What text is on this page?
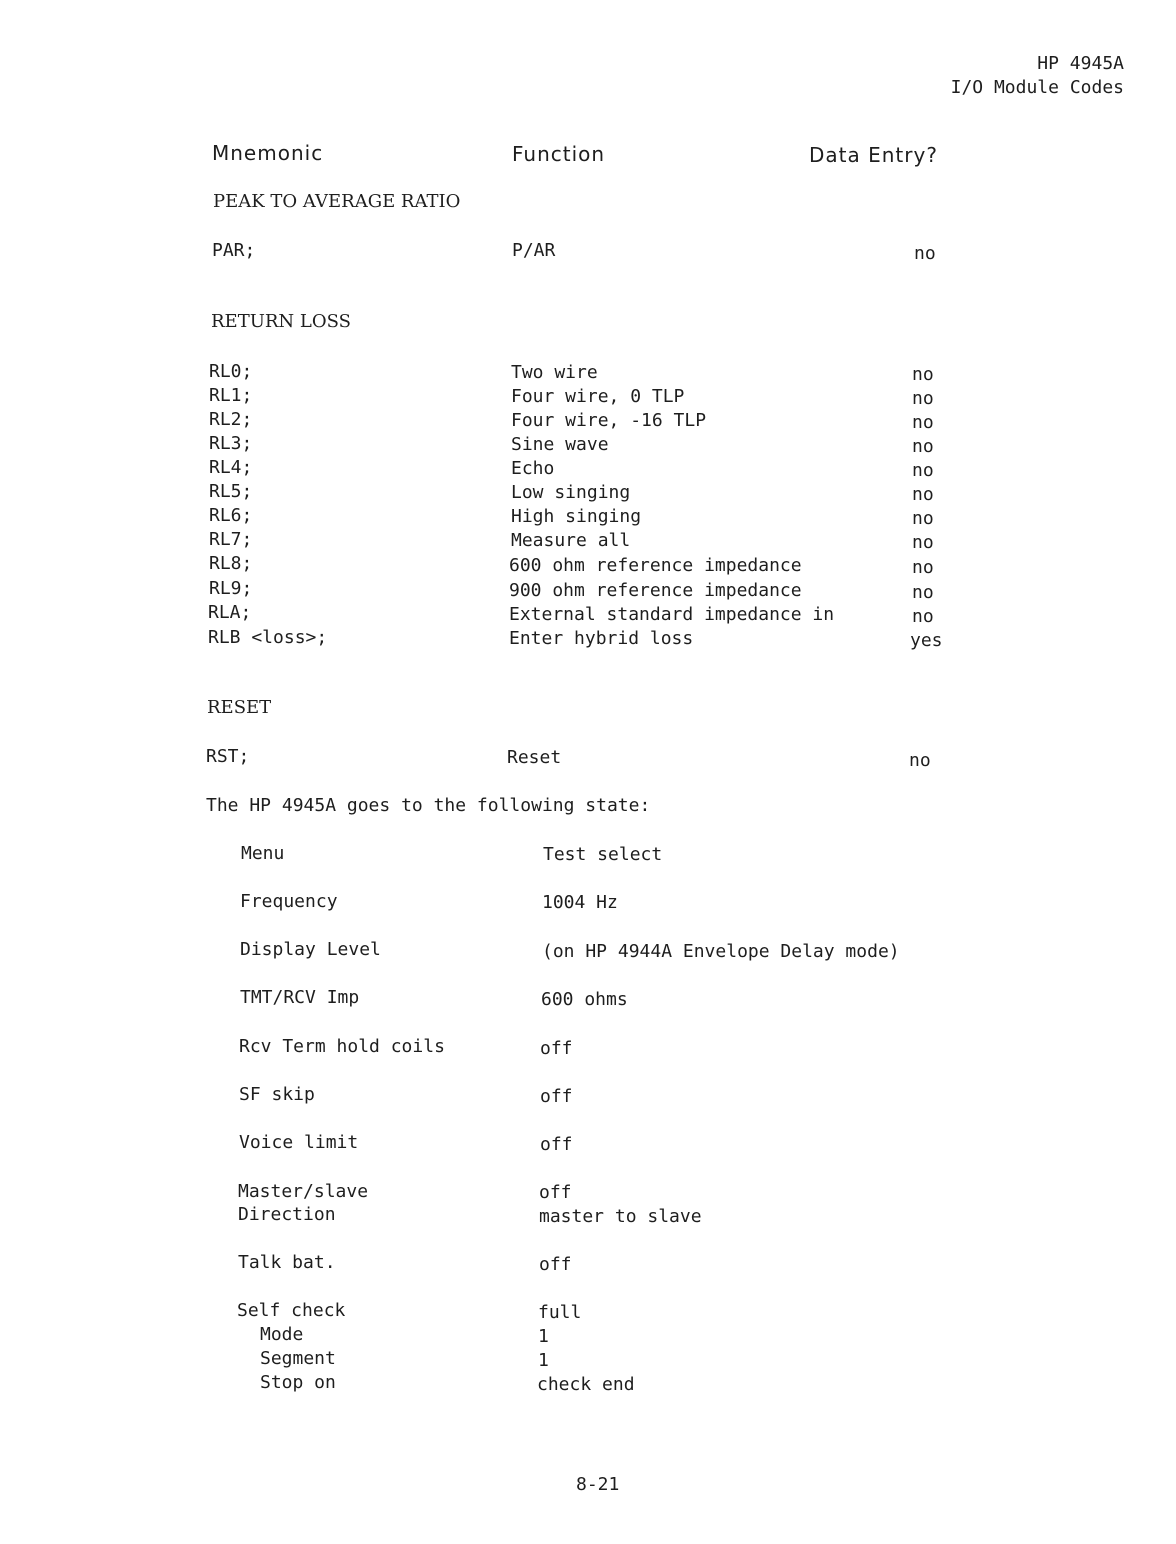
HP 4945A
I/O Module Codes
Mnemonic	Function	Data Entry?
PEAK TO AVERAGE RATIO
PAR;	P/AR	no
RETURN LOSS
RL0;	Two wire	no
RL1;	Four wire, 0 TLP	no
RL2;	Four wire, -16 TLP	no
RL3;	Sine wave	no
RL4;	Echo	no
RL5;	Low singing	no
RL6;	High singing	no
RL7;	Measure all	no
RL8;	600 ohm reference impedance	no
RL9;	900 ohm reference impedance	no
RLA;	External standard impedance in	no
RLB <loss>;	Enter hybrid loss	yes
RESET
RST;	Reset	no
The HP 4945A goes to the following state:
Menu	Test select
Frequency	1004 Hz
Display Level	(on HP 4944A Envelope Delay mode)
TMT/RCV Imp	600 ohms
Rcv Term hold coils	off
SF skip	off
Voice limit	off
Master/slave	off
Direction	master to slave
Talk bat.	off
Self check	full
Mode	1
Segment	1
Stop on	check end
8-21
